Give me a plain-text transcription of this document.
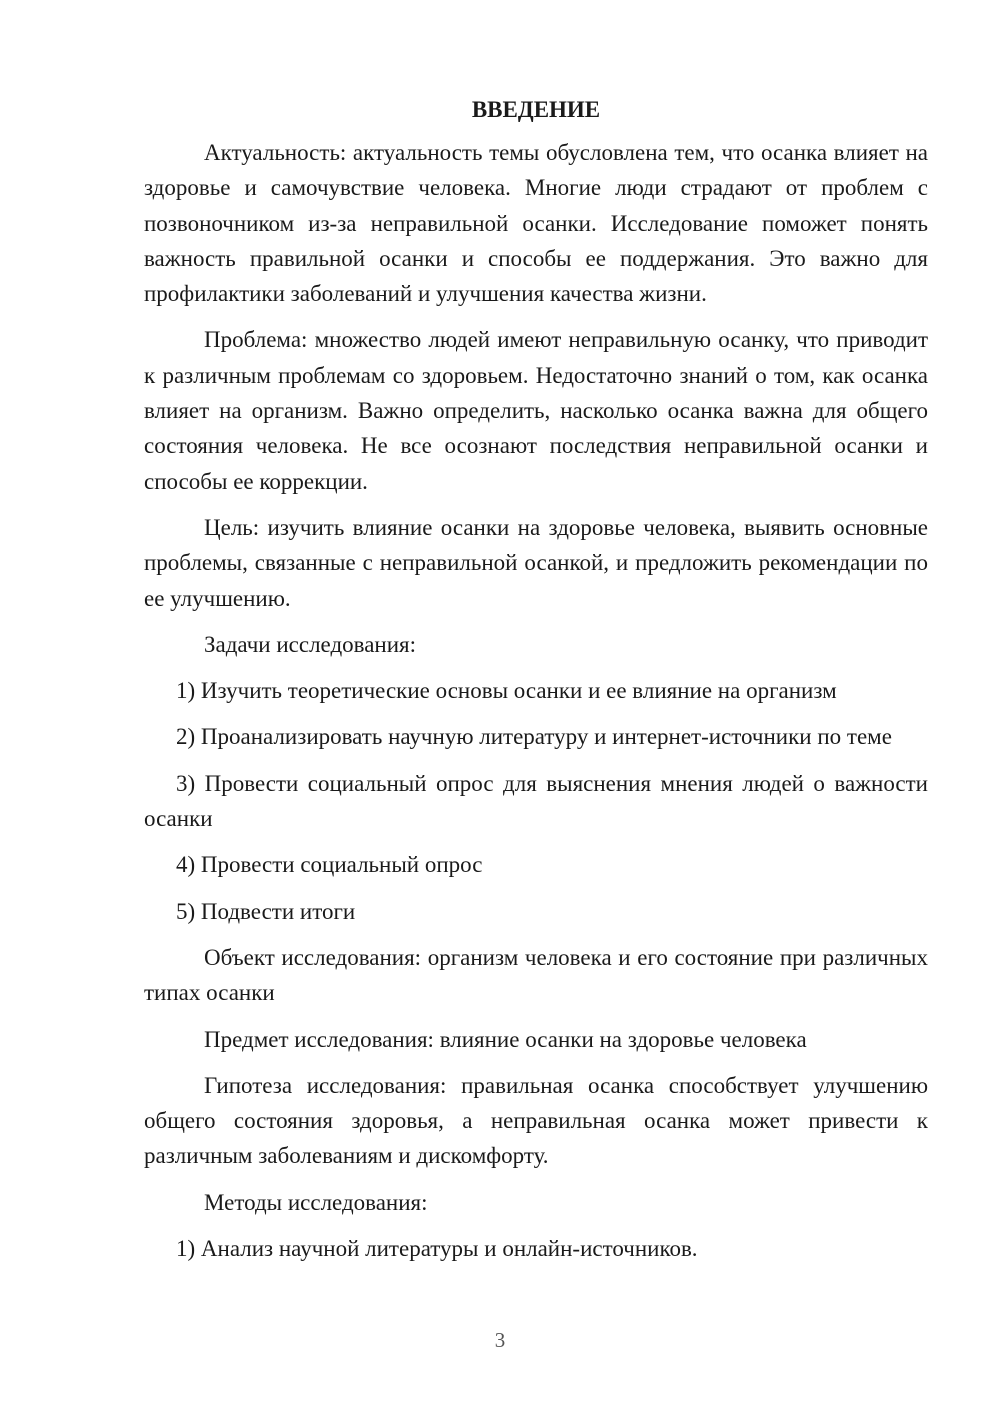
ВВЕДЕНИЕ

Актуальность: актуальность темы обусловлена тем, что осанка влияет на здоровье и самочувствие человека. Многие люди страдают от проблем с позвоночником из-за неправильной осанки. Исследование поможет понять важность правильной осанки и способы ее поддержания. Это важно для профилактики заболеваний и улучшения качества жизни.

Проблема: множество людей имеют неправильную осанку, что приводит к различным проблемам со здоровьем. Недостаточно знаний о том, как осанка влияет на организм. Важно определить, насколько осанка важна для общего состояния человека. Не все осознают последствия неправильной осанки и способы ее коррекции.

Цель: изучить влияние осанки на здоровье человека, выявить основные проблемы, связанные с неправильной осанкой, и предложить рекомендации по ее улучшению.

Задачи исследования:

1) Изучить теоретические основы осанки и ее влияние на организм

2) Проанализировать научную литературу и интернет-источники по теме

3) Провести социальный опрос для выяснения мнения людей о важности осанки

4) Провести социальный опрос

5) Подвести итоги

Объект исследования: организм человека и его состояние при различных типах осанки

Предмет исследования: влияние осанки на здоровье человека

Гипотеза исследования: правильная осанка способствует улучшению общего состояния здоровья, а неправильная осанка может привести к различным заболеваниям и дискомфорту.

Методы исследования:

1) Анализ научной литературы и онлайн-источников.

3
